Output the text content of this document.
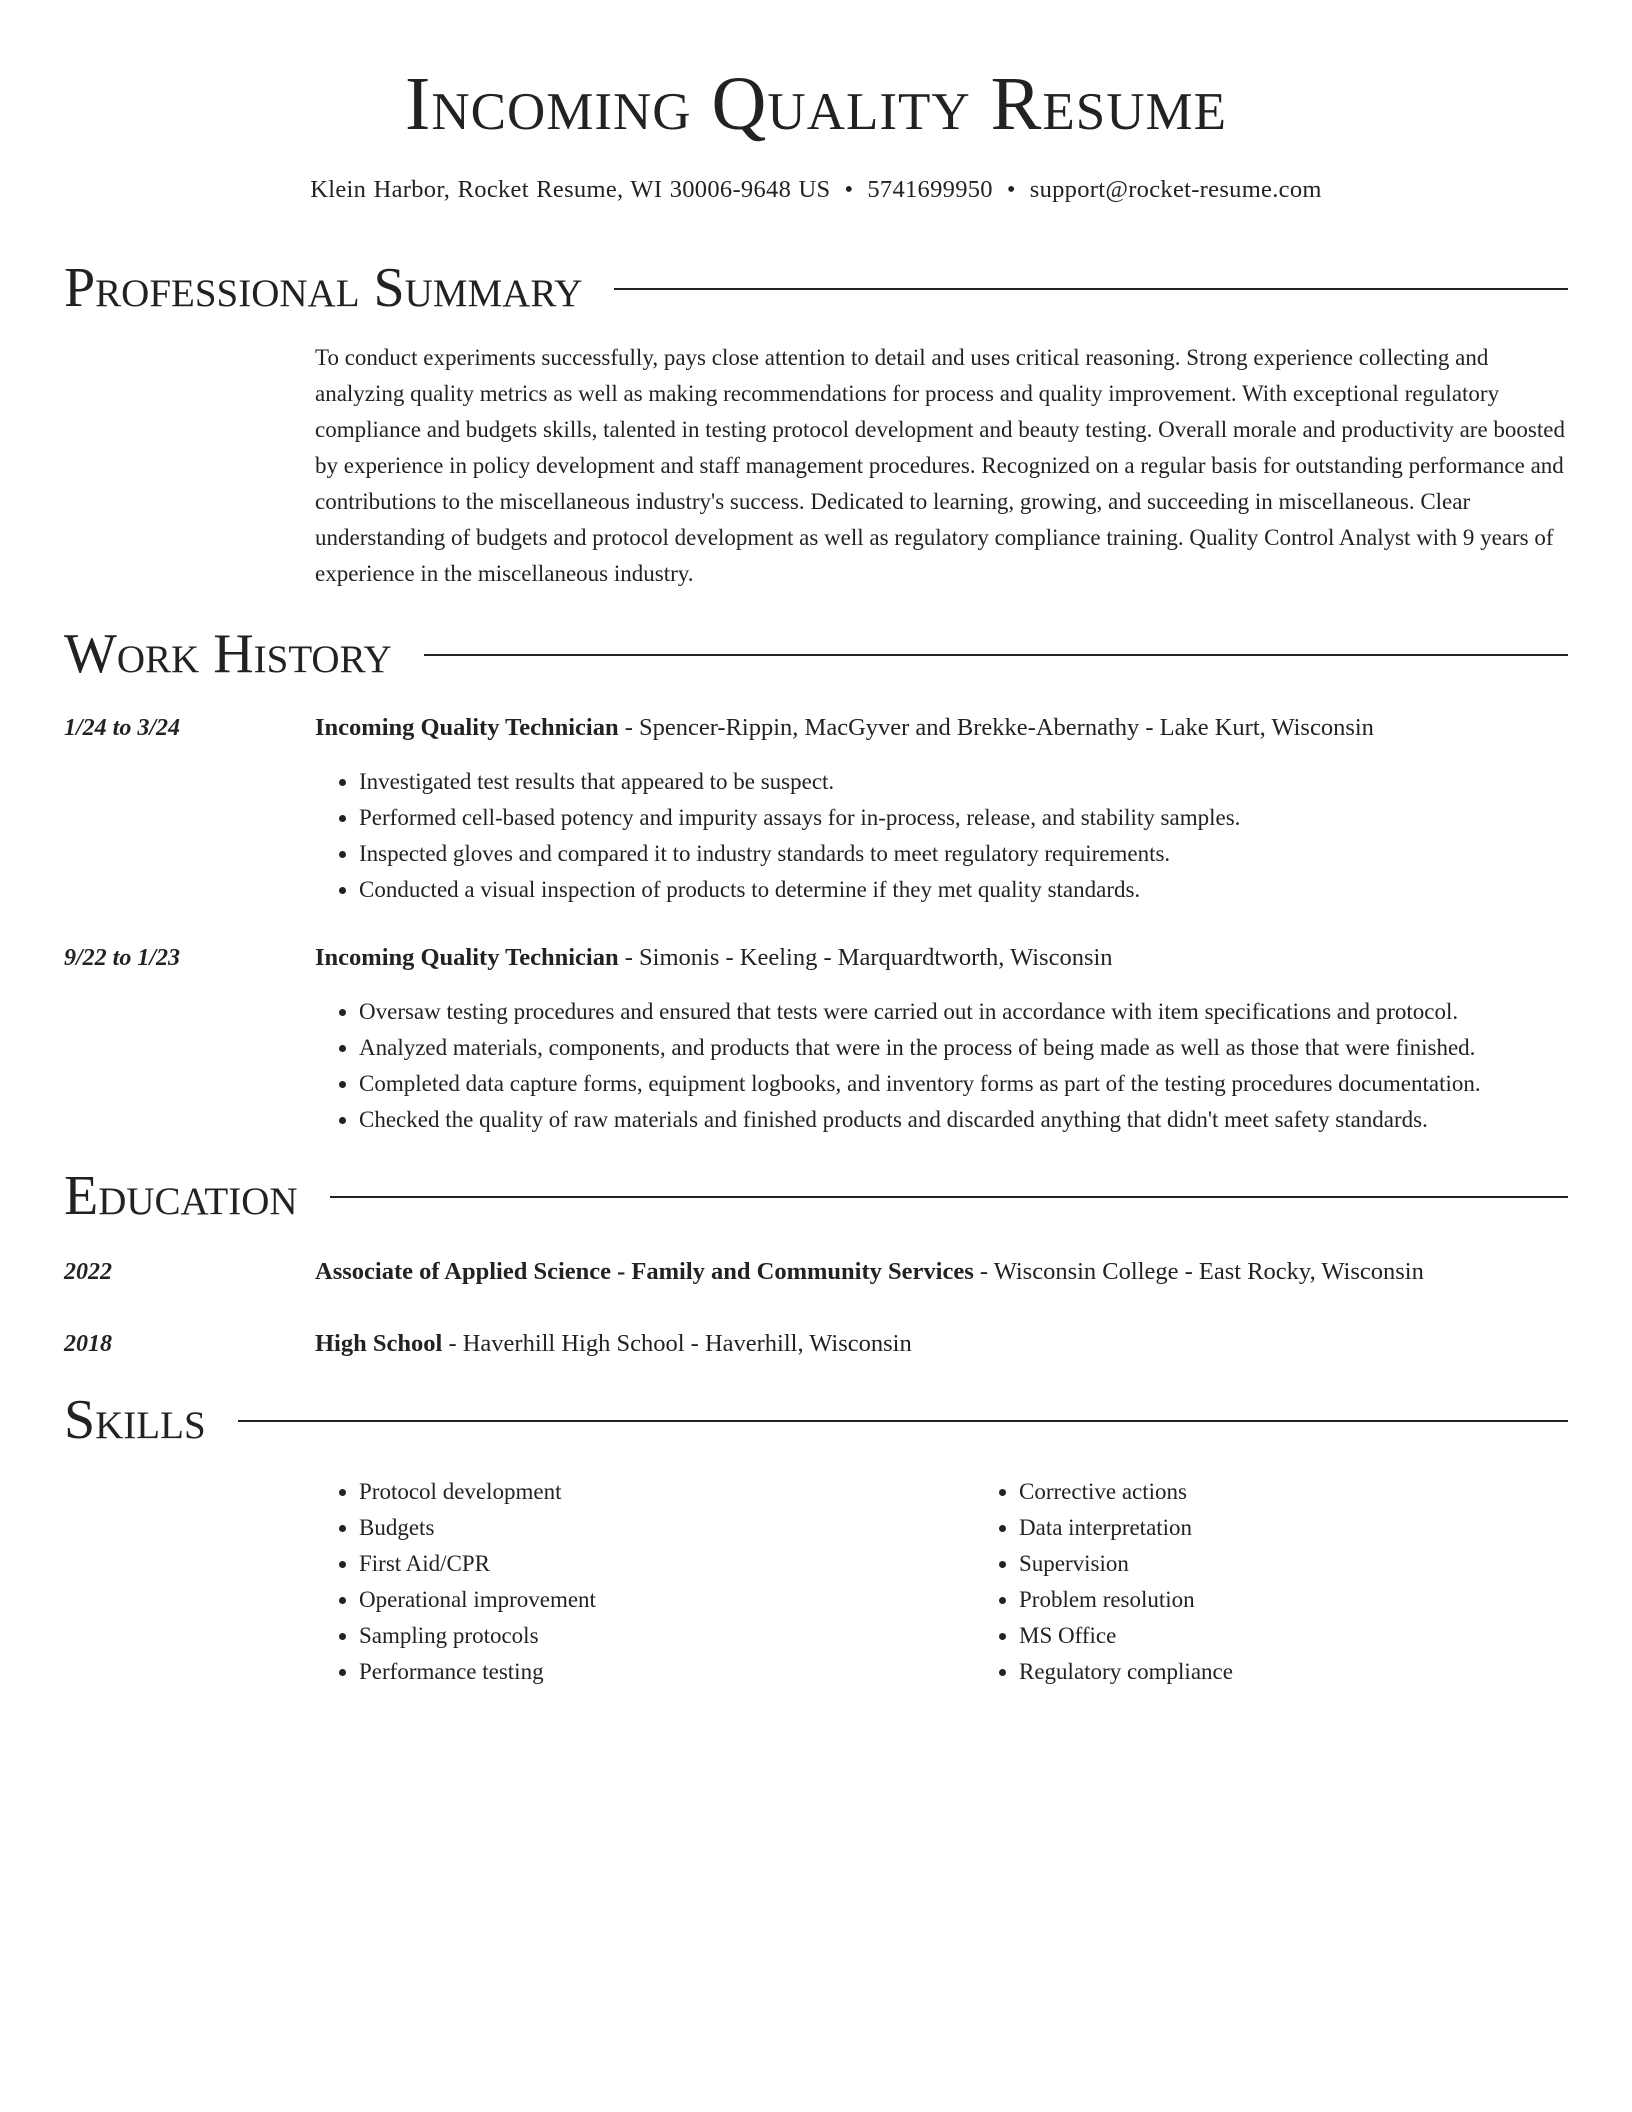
Incoming Quality Resume
Klein Harbor, Rocket Resume, WI 30006-9648 US • 5741699950 • support@rocket-resume.com
Professional Summary
To conduct experiments successfully, pays close attention to detail and uses critical reasoning. Strong experience collecting and analyzing quality metrics as well as making recommendations for process and quality improvement. With exceptional regulatory compliance and budgets skills, talented in testing protocol development and beauty testing. Overall morale and productivity are boosted by experience in policy development and staff management procedures. Recognized on a regular basis for outstanding performance and contributions to the miscellaneous industry's success. Dedicated to learning, growing, and succeeding in miscellaneous. Clear understanding of budgets and protocol development as well as regulatory compliance training. Quality Control Analyst with 9 years of experience in the miscellaneous industry.
Work History
1/24 to 3/24	Incoming Quality Technician - Spencer-Rippin, MacGyver and Brekke-Abernathy - Lake Kurt, Wisconsin
• Investigated test results that appeared to be suspect.
• Performed cell-based potency and impurity assays for in-process, release, and stability samples.
• Inspected gloves and compared it to industry standards to meet regulatory requirements.
• Conducted a visual inspection of products to determine if they met quality standards.
9/22 to 1/23	Incoming Quality Technician - Simonis - Keeling - Marquardtworth, Wisconsin
• Oversaw testing procedures and ensured that tests were carried out in accordance with item specifications and protocol.
• Analyzed materials, components, and products that were in the process of being made as well as those that were finished.
• Completed data capture forms, equipment logbooks, and inventory forms as part of the testing procedures documentation.
• Checked the quality of raw materials and finished products and discarded anything that didn't meet safety standards.
Education
2022	Associate of Applied Science - Family and Community Services - Wisconsin College - East Rocky, Wisconsin
2018	High School - Haverhill High School - Haverhill, Wisconsin
Skills
• Protocol development
• Budgets
• First Aid/CPR
• Operational improvement
• Sampling protocols
• Performance testing
• Corrective actions
• Data interpretation
• Supervision
• Problem resolution
• MS Office
• Regulatory compliance
